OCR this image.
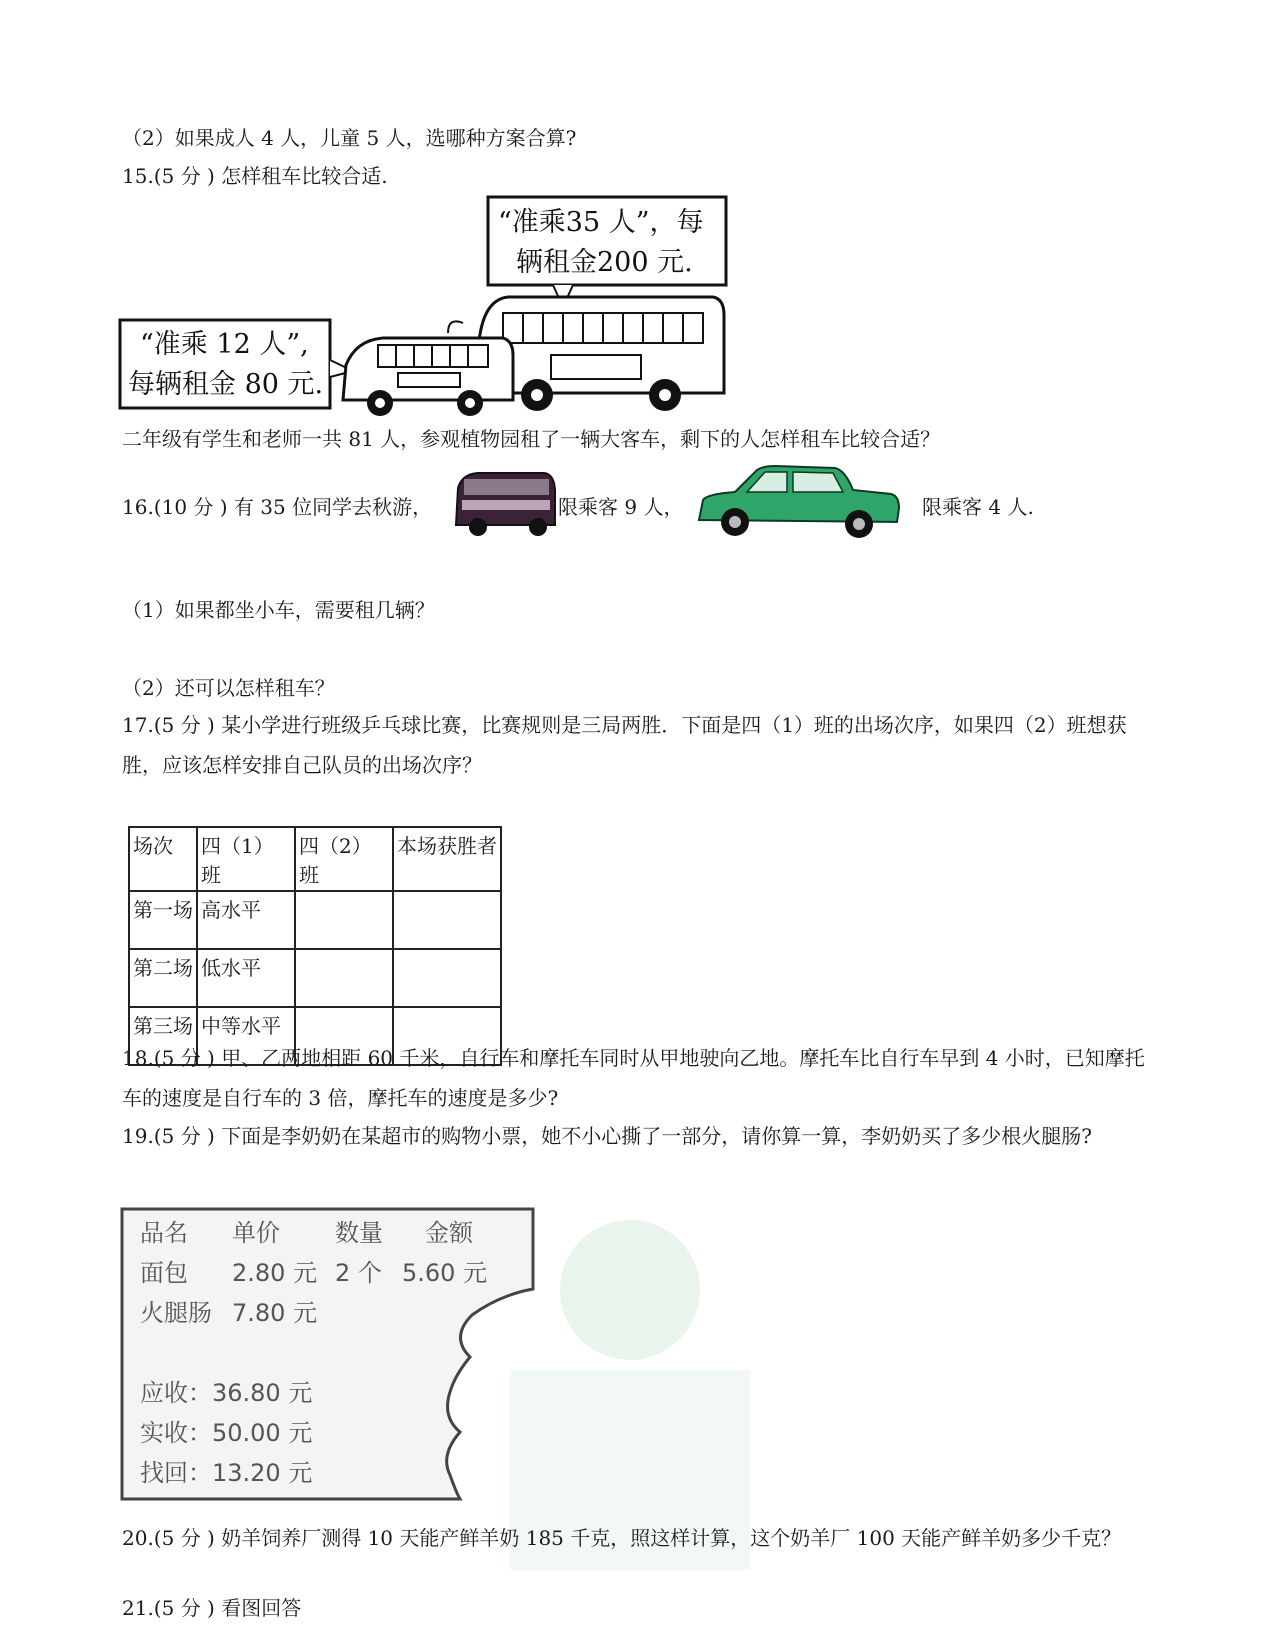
（2）如果成人 4 人，儿童 5 人，选哪种方案合算?
15.(5 分 ) 怎样租车比较合适.
“准乘35 人”，每
辆租金200 元.
“准乘 12 人”,
每辆租金 80 元.
二年级有学生和老师一共 81 人，参观植物园租了一辆大客车，剩下的人怎样租车比较合适？
16.(10 分 ) 有 35 位同学去秋游，	限乘客 9 人，	限乘客 4 人.
（1）如果都坐小车，需要租几辆？
（2）还可以怎样租车？
17.(5 分 ) 某小学进行班级乒乓球比赛，比赛规则是三局两胜．下面是四（1）班的出场次序，如果四（2）班想获胜，应该怎样安排自己队员的出场次序？
场次	四（1）班	四（2）班	本场获胜者
第一场	高水平		
第二场	低水平		
第三场	中等水平		
18.(5 分 ) 甲、乙两地相距 60 千米，自行车和摩托车同时从甲地驶向乙地。摩托车比自行车早到 4 小时，已知摩托车的速度是自行车的 3 倍，摩托车的速度是多少?
19.(5 分 ) 下面是李奶奶在某超市的购物小票，她不小心撕了一部分，请你算一算，李奶奶买了多少根火腿肠?
品名 单价 数量 金额
面包 2.80 元 2 个 5.60 元
火腿肠 7.80 元
应收：36.80 元
实收：50.00 元
找回：13.20 元
20.(5 分 ) 奶羊饲养厂测得 10 天能产鲜羊奶 185 千克，照这样计算，这个奶羊厂 100 天能产鲜羊奶多少千克？
21.(5 分 ) 看图回答
